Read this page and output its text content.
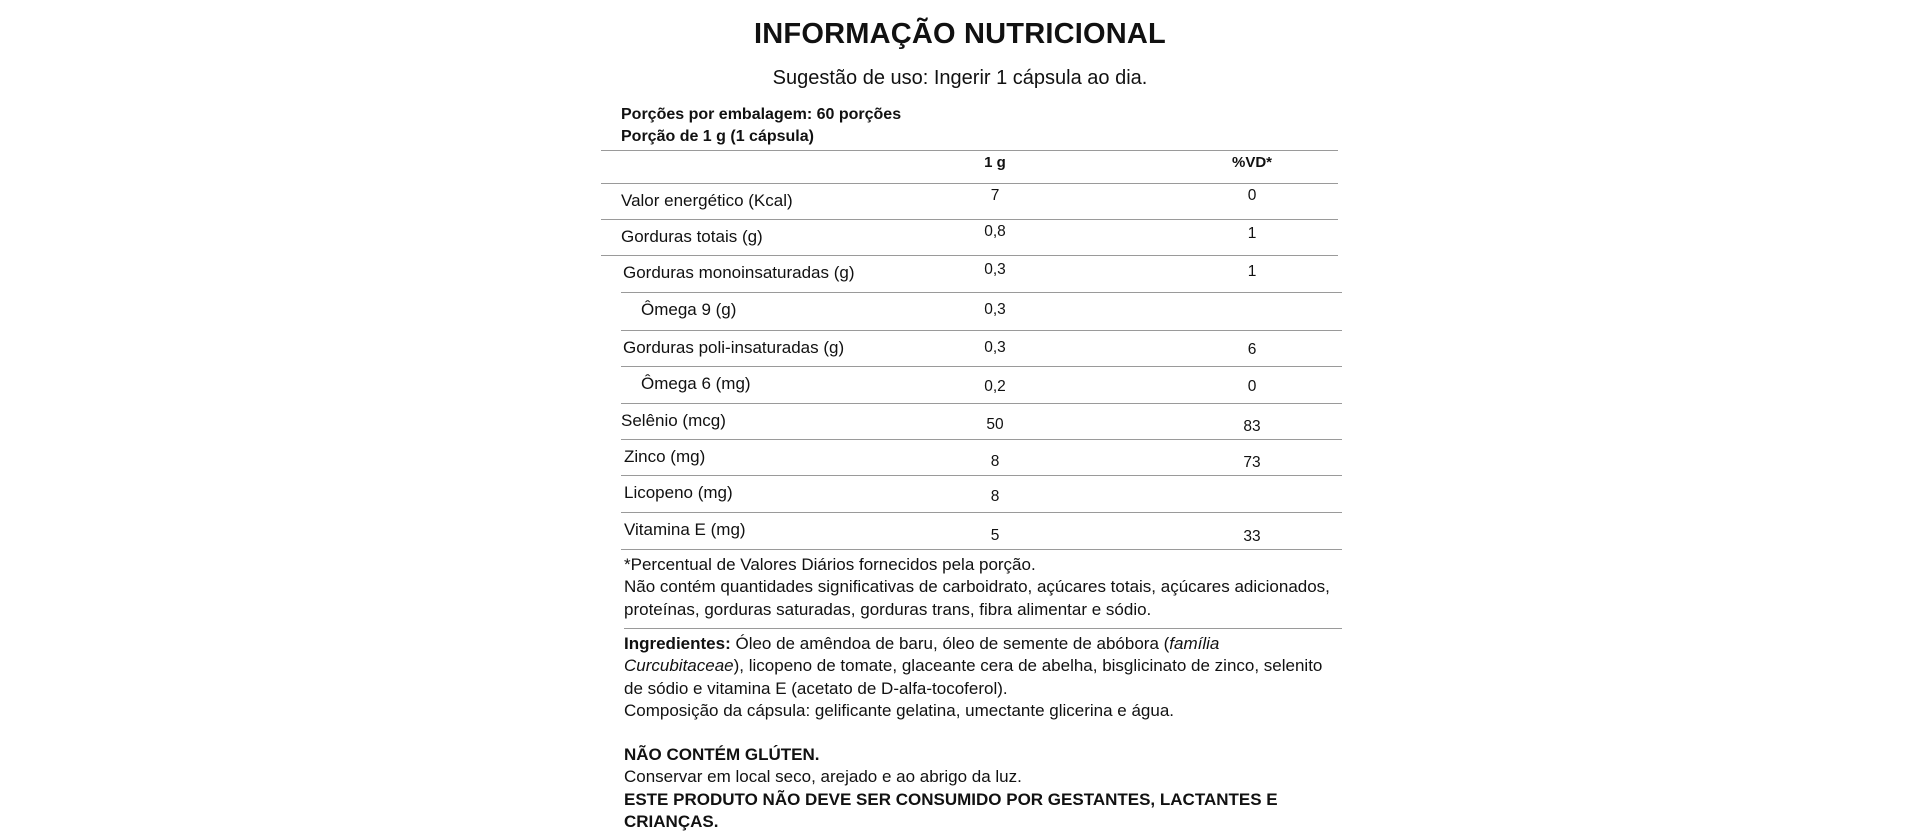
INFORMAÇÃO NUTRICIONAL

Sugestão de uso: Ingerir 1 cápsula ao dia.

Porções por embalagem: 60 porções
Porção de 1 g (1 cápsula)
1 g	%VD*
Valor energético (Kcal)	7	0
Gorduras totais (g)	0,8	1
Gorduras monoinsaturadas (g)	0,3	1
Ômega 9 (g)	0,3
Gorduras poli-insaturadas (g)	0,3	6
Ômega 6 (mg)	0,2	0
Selênio (mcg)	50	83
Zinco (mg)	8	73
Licopeno (mg)	8
Vitamina E (mg)	5	33

*Percentual de Valores Diários fornecidos pela porção.
Não contém quantidades significativas de carboidrato, açúcares totais, açúcares adicionados, proteínas, gorduras saturadas, gorduras trans, fibra alimentar e sódio.

Ingredientes: Óleo de amêndoa de baru, óleo de semente de abóbora (família Curcubitaceae), licopeno de tomate, glaceante cera de abelha, bisglicinato de zinco, selenito de sódio e vitamina E (acetato de D-alfa-tocoferol).
Composição da cápsula: gelificante gelatina, umectante glicerina e água.

NÃO CONTÉM GLÚTEN.
Conservar em local seco, arejado e ao abrigo da luz.
ESTE PRODUTO NÃO DEVE SER CONSUMIDO POR GESTANTES, LACTANTES E CRIANÇAS.
